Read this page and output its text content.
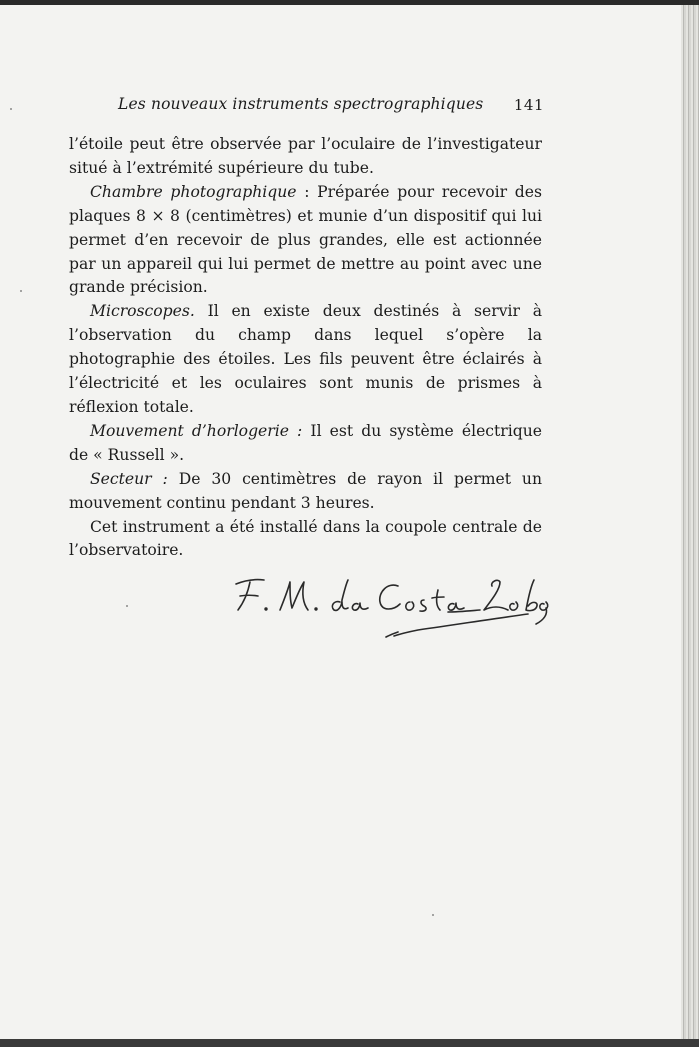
Les nouveaux instruments spectrographiques 141

l’étoile peut être observée par l’oculaire de l’investigateur situé à l’extrémité supérieure du tube.

Chambre photographique : Préparée pour recevoir des plaques 8 × 8 (centimètres) et munie d’un dispositif qui lui permet d’en recevoir de plus grandes, elle est actionnée par un appareil qui lui permet de mettre au point avec une grande précision.

Microscopes. Il en existe deux destinés à servir à l’observation du champ dans lequel s’opère la photographie des étoiles. Les fils peuvent être éclairés à l’électricité et les oculaires sont munis de prismes à réflexion totale.

Mouvement d’horlogerie : Il est du système électrique de « Russell ».

Secteur : De 30 centimètres de rayon il permet un mouvement continu pendant 3 heures.

Cet instrument a été installé dans la coupole centrale de l’observatoire.
